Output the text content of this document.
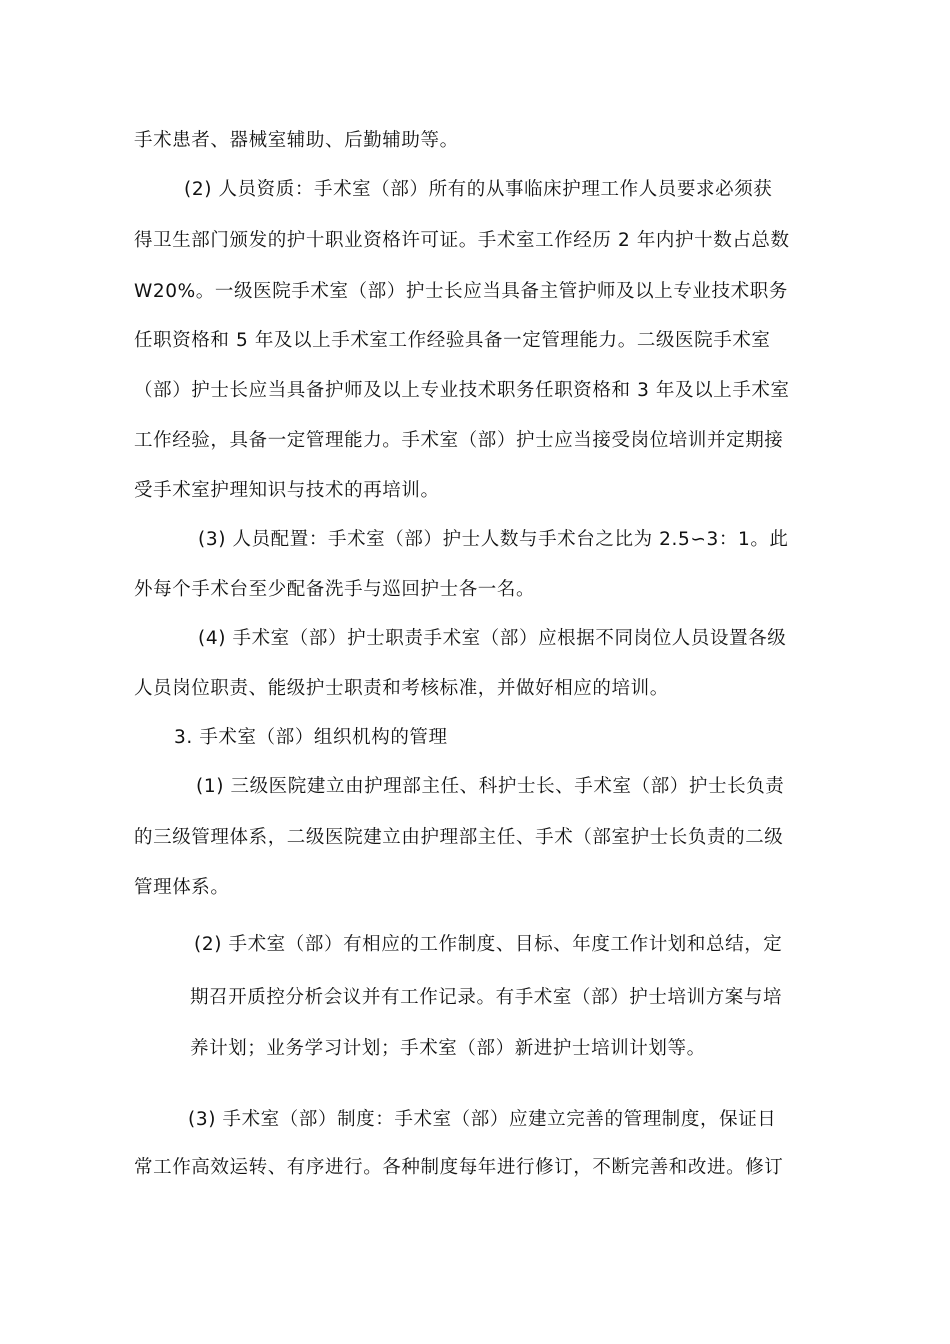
手术患者、器械室辅助、后勤辅助等。
(2) 人员资质：手术室（部）所有的从事临床护理工作人员要求必须获
得卫生部门颁发的护十职业资格许可证。手术室工作经历 2 年内护十数占总数
W20%。一级医院手术室（部）护士长应当具备主管护师及以上专业技术职务
任职资格和 5 年及以上手术室工作经验具备一定管理能力。二级医院手术室
（部）护士长应当具备护师及以上专业技术职务任职资格和 3 年及以上手术室
工作经验，具备一定管理能力。手术室（部）护士应当接受岗位培训并定期接
受手术室护理知识与技术的再培训。
(3) 人员配置：手术室（部）护士人数与手术台之比为 2.5∽3：1。此
外每个手术台至少配备洗手与巡回护士各一名。
(4) 手术室（部）护士职责手术室（部）应根据不同岗位人员设置各级
人员岗位职责、能级护士职责和考核标准，并做好相应的培训。
3. 手术室（部）组织机构的管理
(1) 三级医院建立由护理部主任、科护士长、手术室（部）护士长负责
的三级管理体系，二级医院建立由护理部主任、手术（部室护士长负责的二级
管理体系。
(2) 手术室（部）有相应的工作制度、目标、年度工作计划和总结，定
期召开质控分析会议并有工作记录。有手术室（部）护士培训方案与培
养计划；业务学习计划；手术室（部）新进护士培训计划等。
(3) 手术室（部）制度：手术室（部）应建立完善的管理制度，保证日
常工作高效运转、有序进行。各种制度每年进行修订，不断完善和改进。修订
